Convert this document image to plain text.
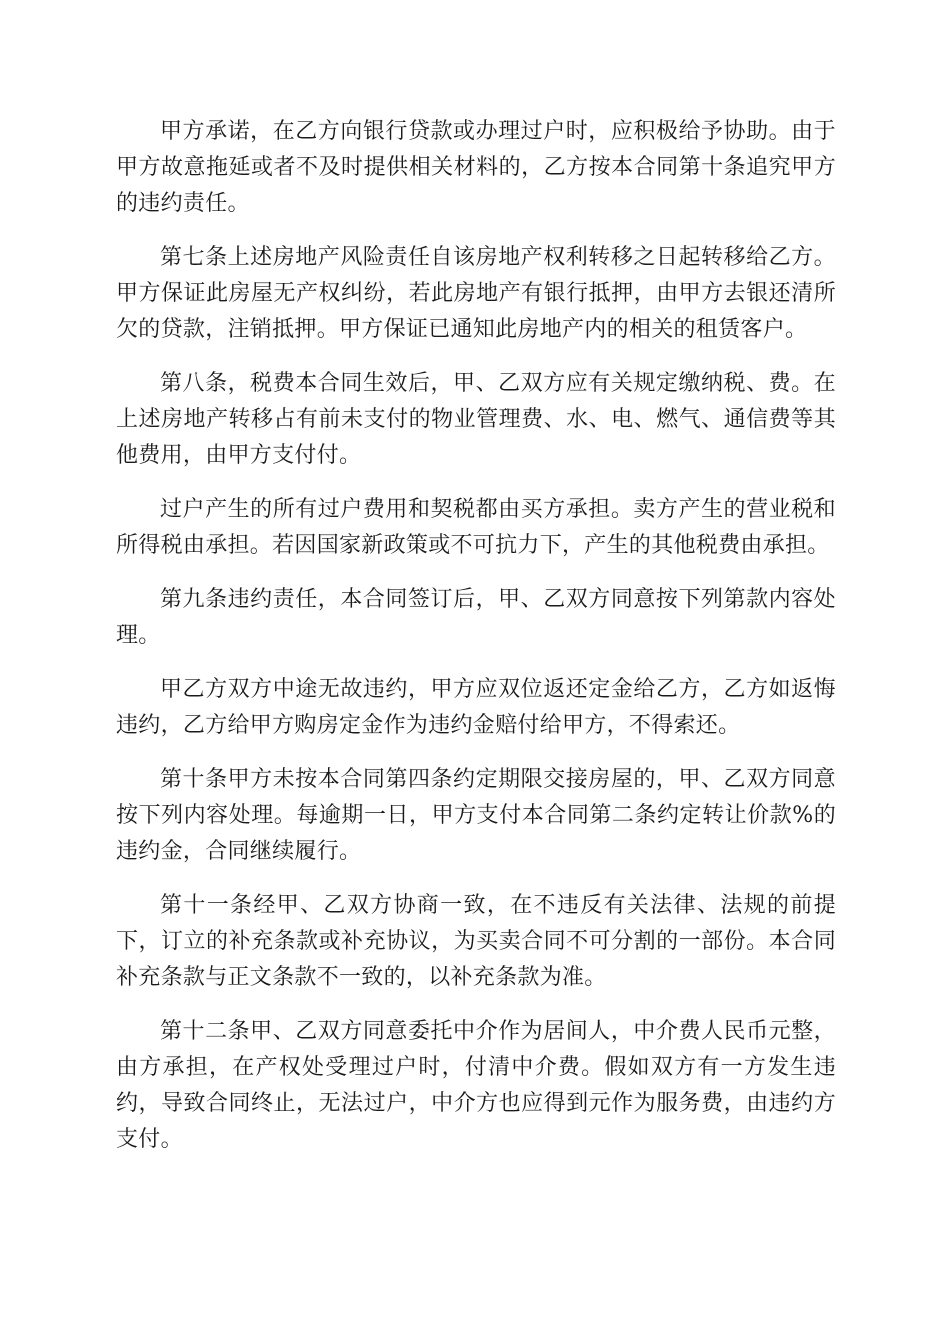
甲方承诺，在乙方向银行贷款或办理过户时，应积极给予协助。由于甲方故意拖延或者不及时提供相关材料的，乙方按本合同第十条追究甲方的违约责任。

第七条上述房地产风险责任自该房地产权利转移之日起转移给乙方。甲方保证此房屋无产权纠纷，若此房地产有银行抵押，由甲方去银还清所欠的贷款，注销抵押。甲方保证已通知此房地产内的相关的租赁客户。

第八条，税费本合同生效后，甲、乙双方应有关规定缴纳税、费。在上述房地产转移占有前未支付的物业管理费、水、电、燃气、通信费等其他费用，由甲方支付付。

过户产生的所有过户费用和契税都由买方承担。卖方产生的营业税和所得税由承担。若因国家新政策或不可抗力下，产生的其他税费由承担。

第九条违约责任，本合同签订后，甲、乙双方同意按下列第款内容处理。

甲乙方双方中途无故违约，甲方应双位返还定金给乙方，乙方如返悔违约，乙方给甲方购房定金作为违约金赔付给甲方，不得索还。

第十条甲方未按本合同第四条约定期限交接房屋的，甲、乙双方同意按下列内容处理。每逾期一日，甲方支付本合同第二条约定转让价款%的违约金，合同继续履行。

第十一条经甲、乙双方协商一致，在不违反有关法律、法规的前提下，订立的补充条款或补充协议，为买卖合同不可分割的一部份。本合同补充条款与正文条款不一致的，以补充条款为准。

第十二条甲、乙双方同意委托中介作为居间人，中介费人民币元整，由方承担，在产权处受理过户时，付清中介费。假如双方有一方发生违约，导致合同终止，无法过户，中介方也应得到元作为服务费，由违约方支付。
